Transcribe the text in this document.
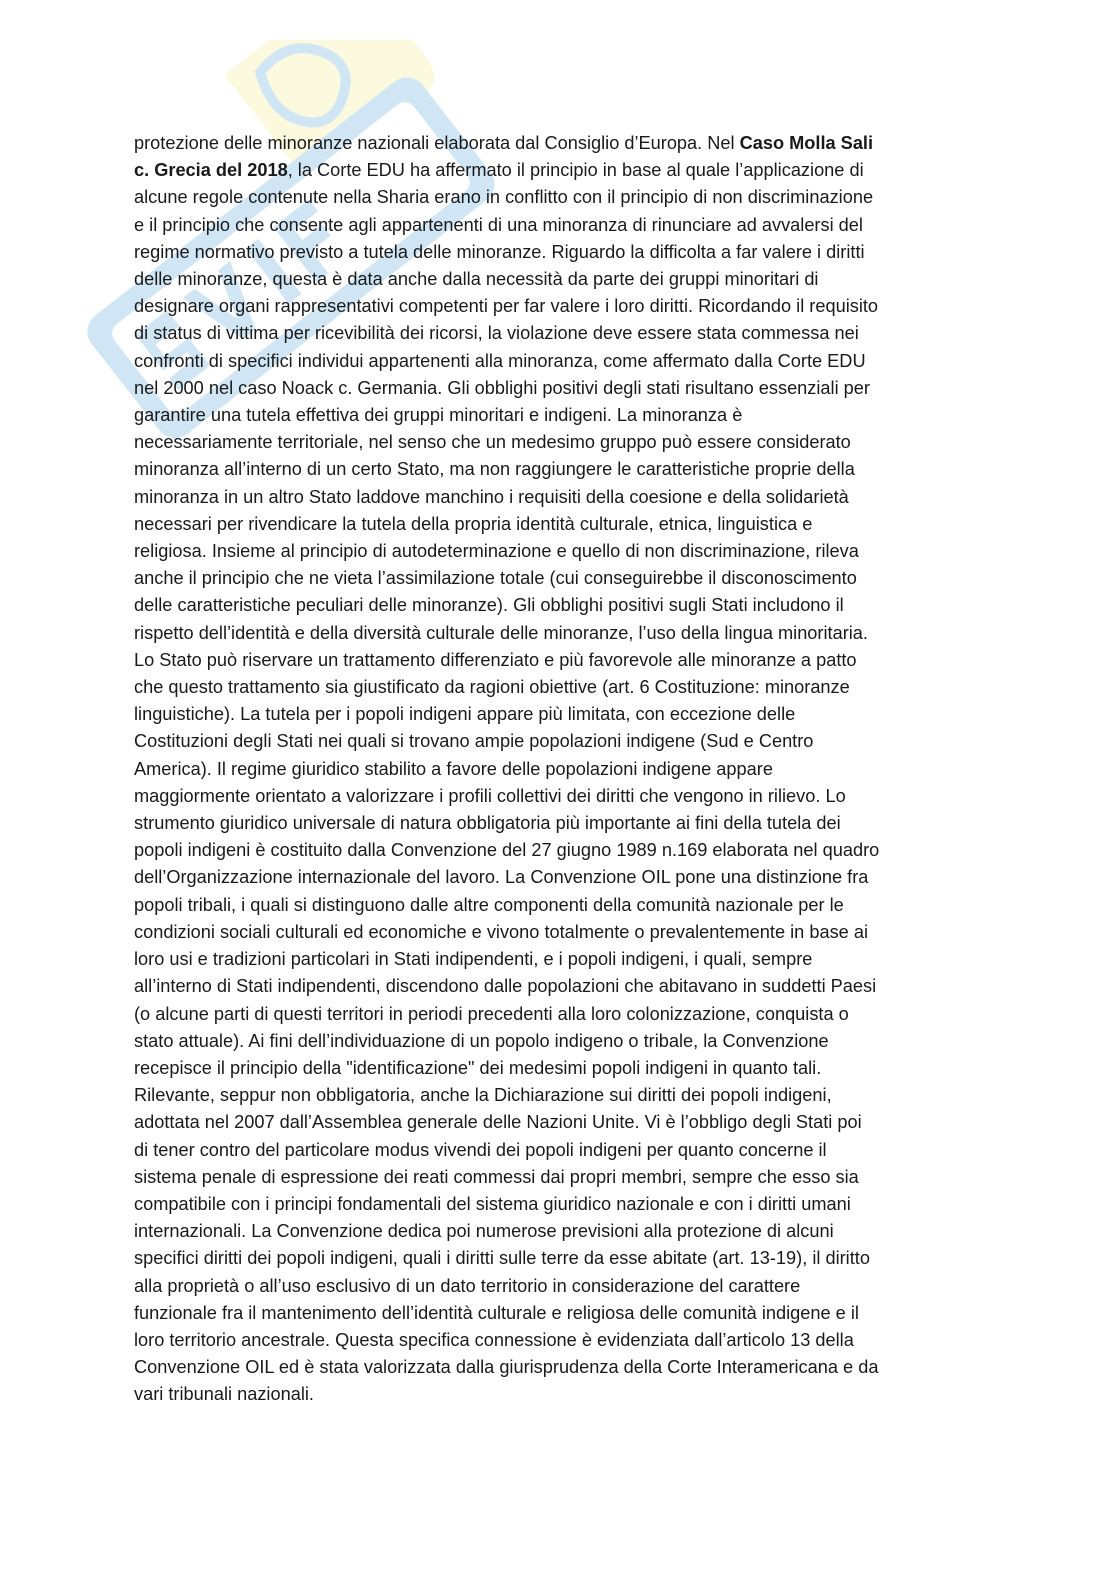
protezione delle minoranze nazionali elaborata dal Consiglio d’Europa. Nel Caso Molla Sali
c. Grecia del 2018, la Corte EDU ha affermato il principio in base al quale l’applicazione di
alcune regole contenute nella Sharia erano in conflitto con il principio di non discriminazione
e il principio che consente agli appartenenti di una minoranza di rinunciare ad avvalersi del
regime normativo previsto a tutela delle minoranze. Riguardo la difficolta a far valere i diritti
delle minoranze, questa è data anche dalla necessità da parte dei gruppi minoritari di
designare organi rappresentativi competenti per far valere i loro diritti. Ricordando il requisito
di status di vittima per ricevibilità dei ricorsi, la violazione deve essere stata commessa nei
confronti di specifici individui appartenenti alla minoranza, come affermato dalla Corte EDU
nel 2000 nel caso Noack c. Germania. Gli obblighi positivi degli stati risultano essenziali per
garantire una tutela effettiva dei gruppi minoritari e indigeni. La minoranza è
necessariamente territoriale, nel senso che un medesimo gruppo può essere considerato
minoranza all’interno di un certo Stato, ma non raggiungere le caratteristiche proprie della
minoranza in un altro Stato laddove manchino i requisiti della coesione e della solidarietà
necessari per rivendicare la tutela della propria identità culturale, etnica, linguistica e
religiosa. Insieme al principio di autodeterminazione e quello di non discriminazione, rileva
anche il principio che ne vieta l’assimilazione totale (cui conseguirebbe il disconoscimento
delle caratteristiche peculiari delle minoranze). Gli obblighi positivi sugli Stati includono il
rispetto dell’identità e della diversità culturale delle minoranze, l’uso della lingua minoritaria.
Lo Stato può riservare un trattamento differenziato e più favorevole alle minoranze a patto
che questo trattamento sia giustificato da ragioni obiettive (art. 6 Costituzione: minoranze
linguistiche). La tutela per i popoli indigeni appare più limitata, con eccezione delle
Costituzioni degli Stati nei quali si trovano ampie popolazioni indigene (Sud e Centro
America). Il regime giuridico stabilito a favore delle popolazioni indigene appare
maggiormente orientato a valorizzare i profili collettivi dei diritti che vengono in rilievo. Lo
strumento giuridico universale di natura obbligatoria più importante ai fini della tutela dei
popoli indigeni è costituito dalla Convenzione del 27 giugno 1989 n.169 elaborata nel quadro
dell’Organizzazione internazionale del lavoro. La Convenzione OIL pone una distinzione fra
popoli tribali, i quali si distinguono dalle altre componenti della comunità nazionale per le
condizioni sociali culturali ed economiche e vivono totalmente o prevalentemente in base ai
loro usi e tradizioni particolari in Stati indipendenti, e i popoli indigeni, i quali, sempre
all’interno di Stati indipendenti, discendono dalle popolazioni che abitavano in suddetti Paesi
(o alcune parti di questi territori in periodi precedenti alla loro colonizzazione, conquista o
stato attuale). Ai fini dell’individuazione di un popolo indigeno o tribale, la Convenzione
recepisce il principio della "identificazione" dei medesimi popoli indigeni in quanto tali.
Rilevante, seppur non obbligatoria, anche la Dichiarazione sui diritti dei popoli indigeni,
adottata nel 2007 dall’Assemblea generale delle Nazioni Unite. Vi è l’obbligo degli Stati poi
di tener contro del particolare modus vivendi dei popoli indigeni per quanto concerne il
sistema penale di espressione dei reati commessi dai propri membri, sempre che esso sia
compatibile con i principi fondamentali del sistema giuridico nazionale e con i diritti umani
internazionali. La Convenzione dedica poi numerose previsioni alla protezione di alcuni
specifici diritti dei popoli indigeni, quali i diritti sulle terre da esse abitate (art. 13-19), il diritto
alla proprietà o all’uso esclusivo di un dato territorio in considerazione del carattere
funzionale fra il mantenimento dell’identità culturale e religiosa delle comunità indigene e il
loro territorio ancestrale. Questa specifica connessione è evidenziata dall’articolo 13 della
Convenzione OIL ed è stata valorizzata dalla giurisprudenza della Corte Interamericana e da
vari tribunali nazionali.
